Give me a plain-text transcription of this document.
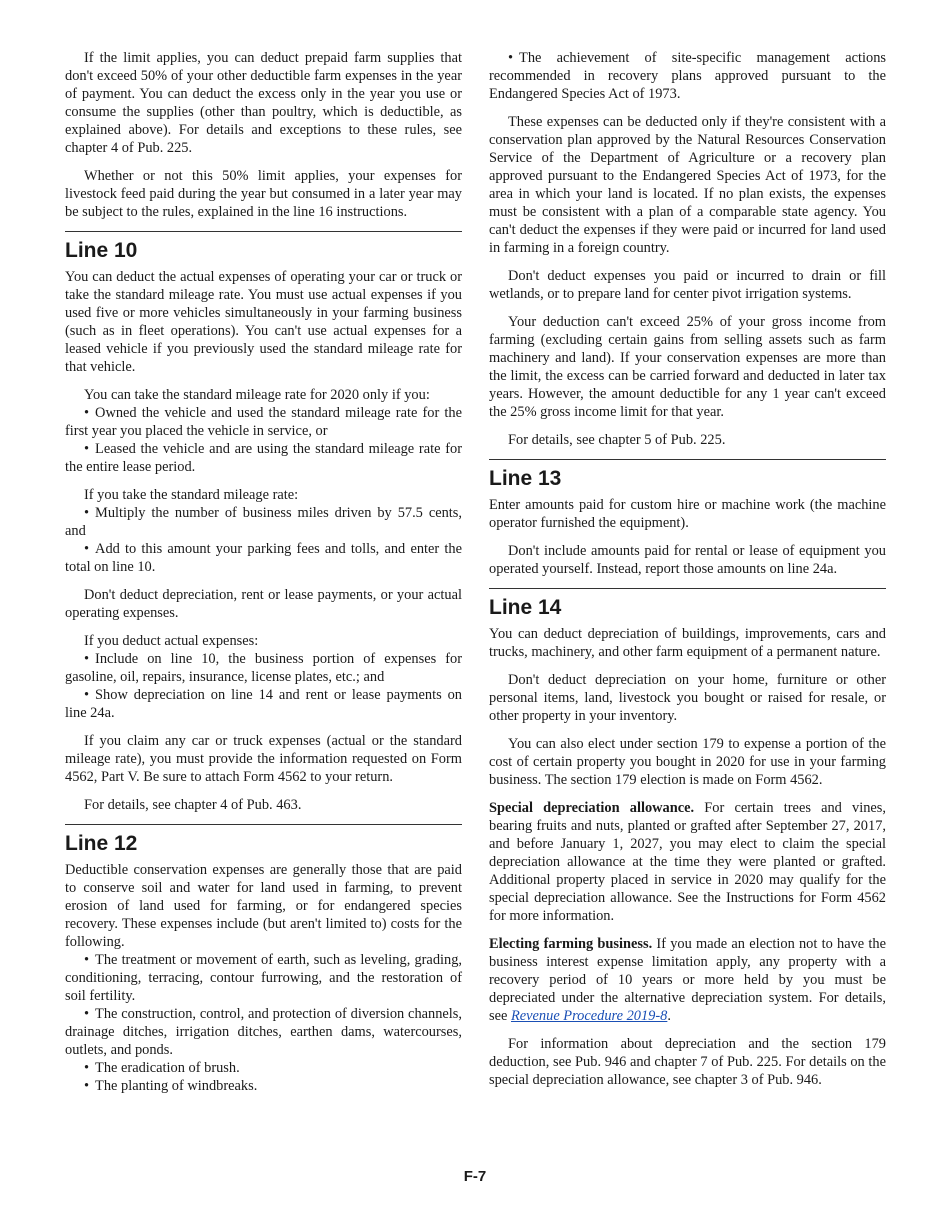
If the limit applies, you can deduct prepaid farm supplies that don't exceed 50% of your other deductible farm expenses in the year of payment. You can deduct the excess only in the year you use or consume the supplies (other than poultry, which is deductible, as explained above). For details and exceptions to these rules, see chapter 4 of Pub. 225.

Whether or not this 50% limit applies, your expenses for livestock feed paid during the year but consumed in a later year may be subject to the rules, explained in the line 16 instructions.

Line 10

You can deduct the actual expenses of operating your car or truck or take the standard mileage rate. You must use actual expenses if you used five or more vehicles simultaneously in your farming business (such as in fleet operations). You can't use actual expenses for a leased vehicle if you previously used the standard mileage rate for that vehicle.

You can take the standard mileage rate for 2020 only if you:

• Owned the vehicle and used the standard mileage rate for the first year you placed the vehicle in service, or

• Leased the vehicle and are using the standard mileage rate for the entire lease period.

If you take the standard mileage rate:

• Multiply the number of business miles driven by 57.5 cents, and

• Add to this amount your parking fees and tolls, and enter the total on line 10.

Don't deduct depreciation, rent or lease payments, or your actual operating expenses.

If you deduct actual expenses:

• Include on line 10, the business portion of expenses for gasoline, oil, repairs, insurance, license plates, etc.; and

• Show depreciation on line 14 and rent or lease payments on line 24a.

If you claim any car or truck expenses (actual or the standard mileage rate), you must provide the information requested on Form 4562, Part V. Be sure to attach Form 4562 to your return.

For details, see chapter 4 of Pub. 463.

Line 12

Deductible conservation expenses are generally those that are paid to conserve soil and water for land used in farming, to prevent erosion of land used for farming, or for endangered species recovery. These expenses include (but aren't limited to) costs for the following.

• The treatment or movement of earth, such as leveling, grading, conditioning, terracing, contour furrowing, and the restoration of soil fertility.

• The construction, control, and protection of diversion channels, drainage ditches, irrigation ditches, earthen dams, watercourses, outlets, and ponds.

• The eradication of brush.

• The planting of windbreaks.

• The achievement of site-specific management actions recommended in recovery plans approved pursuant to the Endangered Species Act of 1973.

These expenses can be deducted only if they're consistent with a conservation plan approved by the Natural Resources Conservation Service of the Department of Agriculture or a recovery plan approved pursuant to the Endangered Species Act of 1973, for the area in which your land is located. If no plan exists, the expenses must be consistent with a plan of a comparable state agency. You can't deduct the expenses if they were paid or incurred for land used in farming in a foreign country.

Don't deduct expenses you paid or incurred to drain or fill wetlands, or to prepare land for center pivot irrigation systems.

Your deduction can't exceed 25% of your gross income from farming (excluding certain gains from selling assets such as farm machinery and land). If your conservation expenses are more than the limit, the excess can be carried forward and deducted in later tax years. However, the amount deductible for any 1 year can't exceed the 25% gross income limit for that year.

For details, see chapter 5 of Pub. 225.

Line 13

Enter amounts paid for custom hire or machine work (the machine operator furnished the equipment).

Don't include amounts paid for rental or lease of equipment you operated yourself. Instead, report those amounts on line 24a.

Line 14

You can deduct depreciation of buildings, improvements, cars and trucks, machinery, and other farm equipment of a permanent nature.

Don't deduct depreciation on your home, furniture or other personal items, land, livestock you bought or raised for resale, or other property in your inventory.

You can also elect under section 179 to expense a portion of the cost of certain property you bought in 2020 for use in your farming business. The section 179 election is made on Form 4562.

Special depreciation allowance. For certain trees and vines, bearing fruits and nuts, planted or grafted after September 27, 2017, and before January 1, 2027, you may elect to claim the special depreciation allowance at the time they were planted or grafted. Additional property placed in service in 2020 may qualify for the special depreciation allowance. See the Instructions for Form 4562 for more information.

Electing farming business. If you made an election not to have the business interest expense limitation apply, any property with a recovery period of 10 years or more held by you must be depreciated under the alternative depreciation system. For details, see Revenue Procedure 2019-8.

For information about depreciation and the section 179 deduction, see Pub. 946 and chapter 7 of Pub. 225. For details on the special depreciation allowance, see chapter 3 of Pub. 946.

F-7
